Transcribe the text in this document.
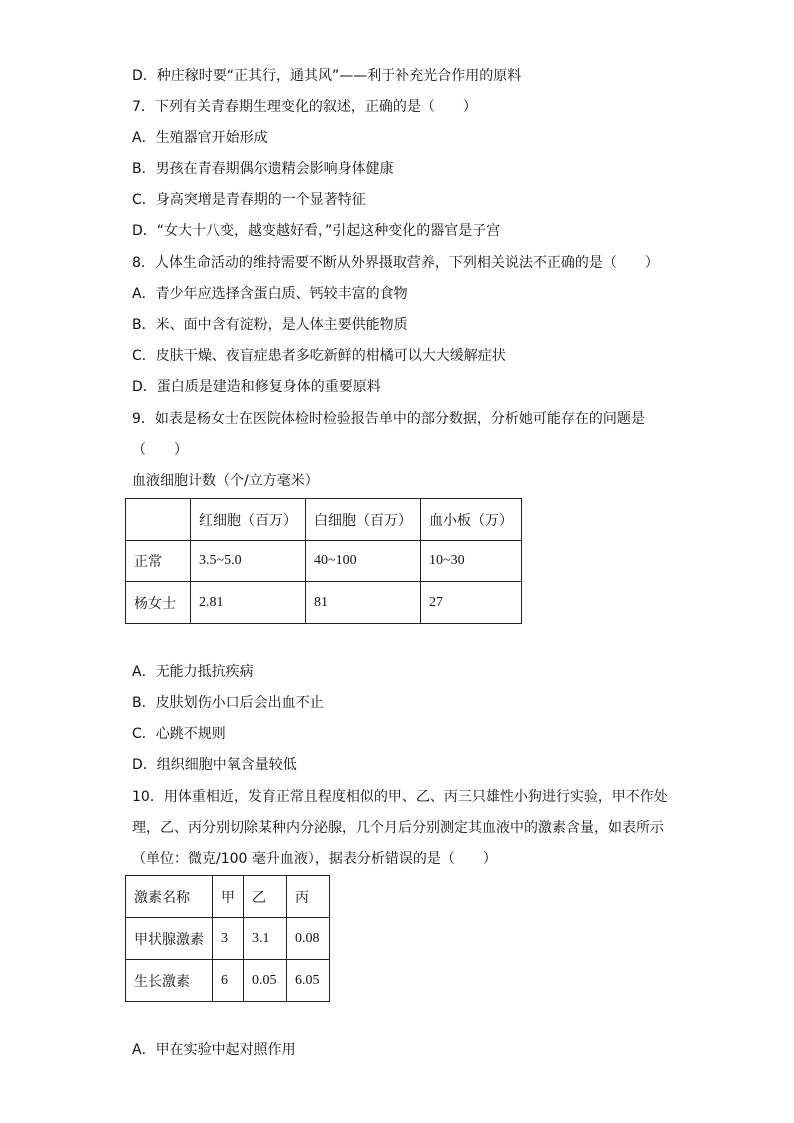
D．种庄稼时要“正其行，通其风”——利于补充光合作用的原料
7．下列有关青春期生理变化的叙述，正确的是（　　）
A．生殖器官开始形成
B．男孩在青春期偶尔遗精会影响身体健康
C．身高突增是青春期的一个显著特征
D．“女大十八变，越变越好看，”引起这种变化的器官是子宫
8．人体生命活动的维持需要不断从外界摄取营养，下列相关说法不正确的是（　　）
A．青少年应选择含蛋白质、钙较丰富的食物
B．米、面中含有淀粉，是人体主要供能物质
C．皮肤干燥、夜盲症患者多吃新鲜的柑橘可以大大缓解症状
D．蛋白质是建造和修复身体的重要原料
9．如表是杨女士在医院体检时检验报告单中的部分数据，分析她可能存在的问题是
（　　）
血液细胞计数（个/立方毫米）
	红细胞（百万）	白细胞（百万）	血小板（万）
正常	3.5~5.0	40~100	10~30
杨女士	2.81	81	27
A．无能力抵抗疾病
B．皮肤划伤小口后会出血不止
C．心跳不规则
D．组织细胞中氧含量较低
10．用体重相近，发育正常且程度相似的甲、乙、丙三只雄性小狗进行实验，甲不作处
理，乙、丙分别切除某种内分泌腺，几个月后分别测定其血液中的激素含量，如表所示
（单位：微克/100 毫升血液），据表分析错误的是（　　）
激素名称	甲	乙	丙
甲状腺激素	3	3.1	0.08
生长激素	6	0.05	6.05
A．甲在实验中起对照作用
